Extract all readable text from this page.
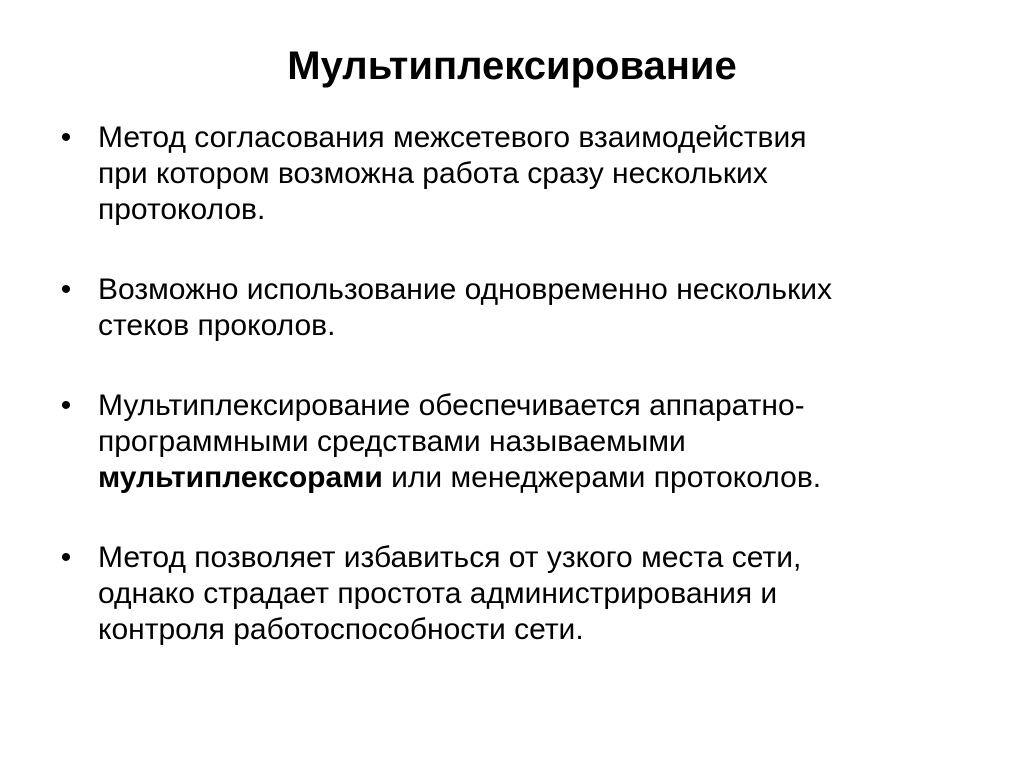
Мультиплексирование
• Метод согласования межсетевого взаимодействия
при котором возможна работа сразу нескольких
протоколов.
• Возможно использование одновременно нескольких
стеков проколов.
• Мультиплексирование обеспечивается аппаратно-
программными средствами называемыми
мультиплексорами или менеджерами протоколов.
• Метод позволяет избавиться от узкого места сети,
однако страдает простота администрирования и
контроля работоспособности сети.
